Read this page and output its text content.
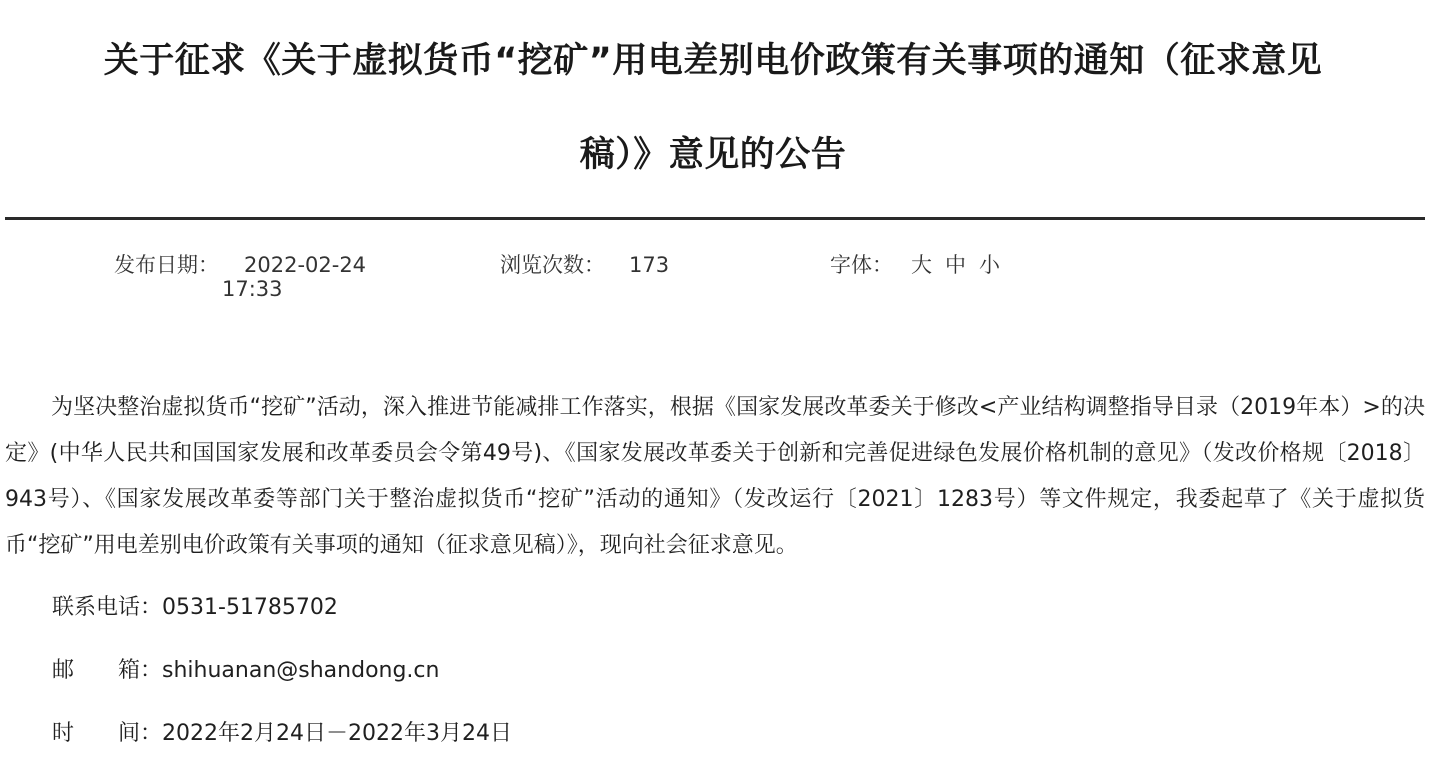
关于征求《关于虚拟货币“挖矿”用电差别电价政策有关事项的通知（征求意见
稿）》意见的公告
发布日期： 2022-02-24
17:33
浏览次数： 173	字体： 大 中 小

为坚决整治虚拟货币“挖矿”活动，深入推进节能减排工作落实，根据《国家发展改革委关于修改<产业结构调整指导目录（2019年本）>的决定》(中华人民共和国国家发展和改革委员会令第49号)、《国家发展改革委关于创新和完善促进绿色发展价格机制的意见》（发改价格规〔2018〕943号）、《国家发展改革委等部门关于整治虚拟货币“挖矿”活动的通知》（发改运行〔2021〕1283号）等文件规定，我委起草了《关于虚拟货币“挖矿”用电差别电价政策有关事项的通知（征求意见稿）》，现向社会征求意见。

联系电话：0531-51785702
邮　　箱：shihuanan@shandong.cn
时　　间：2022年2月24日－2022年3月24日
